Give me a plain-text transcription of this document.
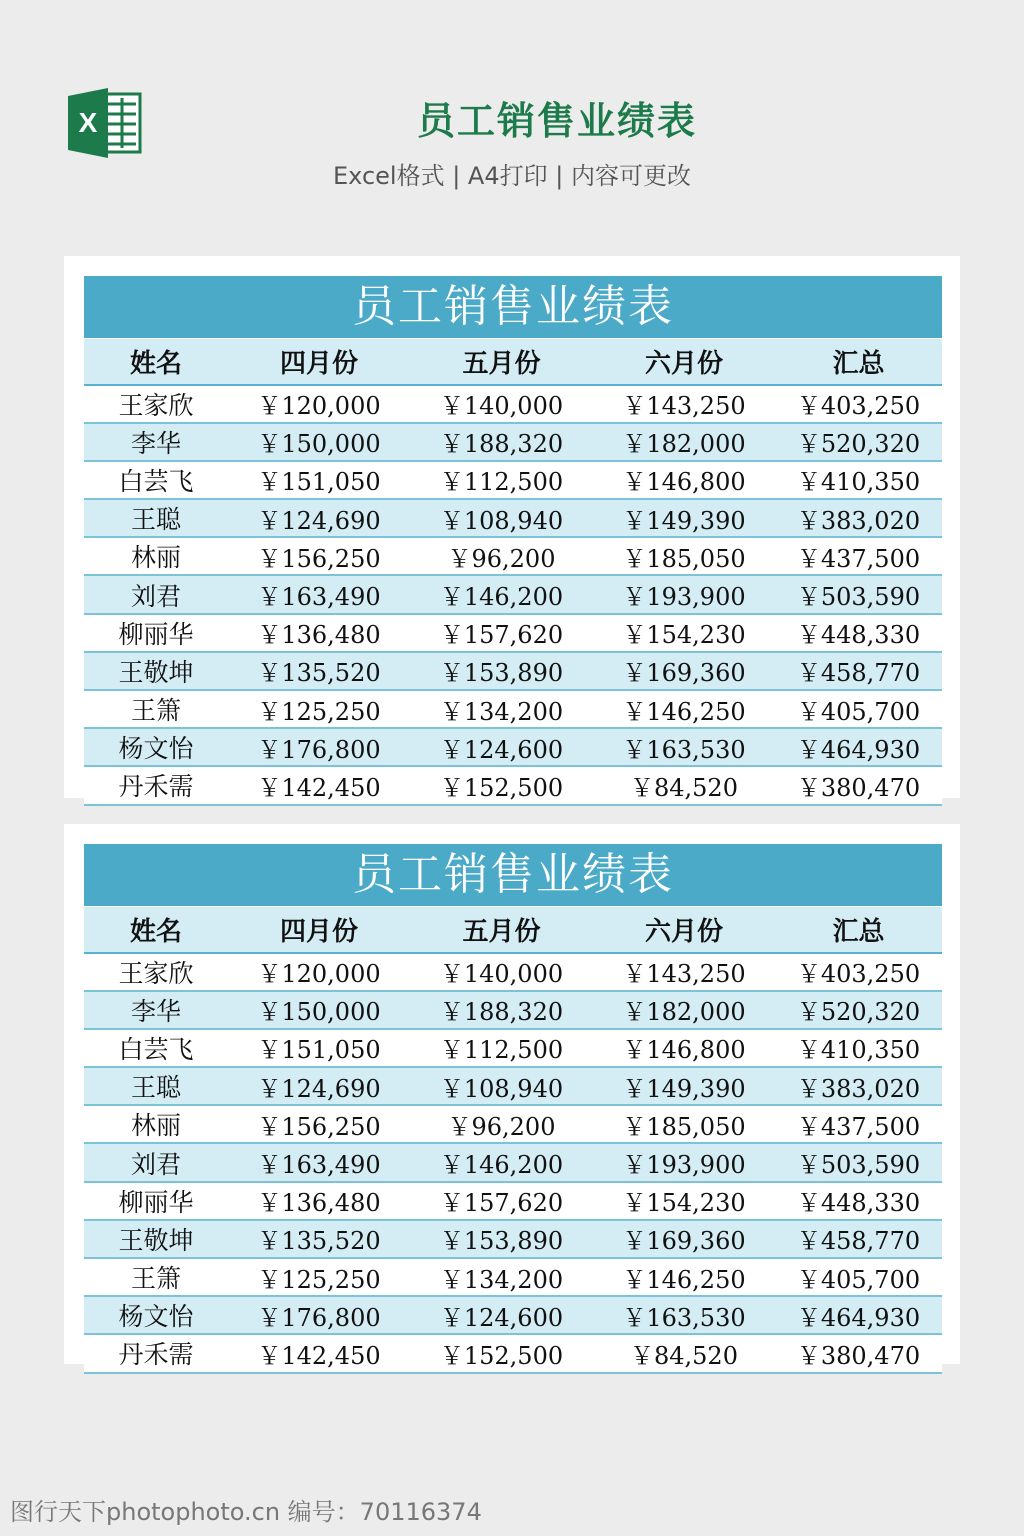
X	员工销售业绩表
Excel格式 | A4打印 | 内容可更改
员工销售业绩表
姓名	四月份	五月份	六月份	汇总
王家欣	￥120,000	￥140,000	￥143,250	￥403,250
李华	￥150,000	￥188,320	￥182,000	￥520,320
白芸飞	￥151,050	￥112,500	￥146,800	￥410,350
王聪	￥124,690	￥108,940	￥149,390	￥383,020
林丽	￥156,250	￥96,200	￥185,050	￥437,500
刘君	￥163,490	￥146,200	￥193,900	￥503,590
柳丽华	￥136,480	￥157,620	￥154,230	￥448,330
王敬坤	￥135,520	￥153,890	￥169,360	￥458,770
王箫	￥125,250	￥134,200	￥146,250	￥405,700
杨文怡	￥176,800	￥124,600	￥163,530	￥464,930
丹禾需	￥142,450	￥152,500	￥84,520	￥380,470
员工销售业绩表
姓名	四月份	五月份	六月份	汇总
王家欣	￥120,000	￥140,000	￥143,250	￥403,250
李华	￥150,000	￥188,320	￥182,000	￥520,320
白芸飞	￥151,050	￥112,500	￥146,800	￥410,350
王聪	￥124,690	￥108,940	￥149,390	￥383,020
林丽	￥156,250	￥96,200	￥185,050	￥437,500
刘君	￥163,490	￥146,200	￥193,900	￥503,590
柳丽华	￥136,480	￥157,620	￥154,230	￥448,330
王敬坤	￥135,520	￥153,890	￥169,360	￥458,770
王箫	￥125,250	￥134,200	￥146,250	￥405,700
杨文怡	￥176,800	￥124,600	￥163,530	￥464,930
丹禾需	￥142,450	￥152,500	￥84,520	￥380,470
图行天下photophoto.cn 编号：70116374
